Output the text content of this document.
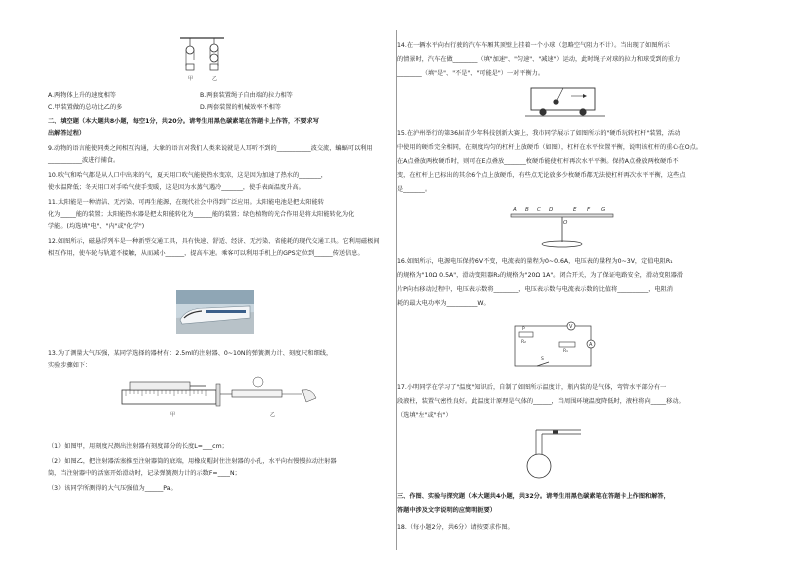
甲	乙
A.两物体上升的速度相等	B.两套装置绳子自由端的拉力相等
C.甲装置做的总功比乙的多	D.两套装置的机械效率不相等
二、填空题（本大题共8小题，每空1分，共20分。请考生用黑色碳素笔在答题卡上作答，不要求写
出解答过程）
9.动物的语言能使同类之间相互沟通，大象的语言对我们人类来说就是人耳听不到的___________波交流，蝙蝠可以利用
___________波进行捕食。
10.吹气和哈气都是从人口中出来的气，夏天用口吹气能使热水变凉，这是因为加速了热水的_______，
使水温降低；冬天用口对手哈气使手变暖，这是因为水蒸气遇冷_______，使手表面温度升高。
11.太阳能是一种清洁、无污染、可再生能源，在现代社会中得到广泛应用。太阳能电池是把太阳能转
化为_____能的装置；太阳能热水器是把太阳能转化为______能的装置；绿色植物的光合作用是将太阳能转化为化
学能。(均选填"电"、"内"或"化学")
12.如图所示，磁悬浮列车是一种新型交通工具，具有快速、舒适、经济、无污染、省能耗的现代交通工具。它利用磁极间
相互作用，使车轮与轨道不接触，从而减小______，提高车速。乘客可以利用手机上的GPS定位到______传送信息。
13.为了测量大气压强，某同学选择的器材有：2.5ml的注射器、0~10N的弹簧测力计、刻度尺和细线，
实验步骤如下：
甲	乙
（1）如图甲，用刻度尺测出注射器有刻度部分的长度L=___cm；
（2）如图乙，把注射器活塞推至注射器筒的底端，用橡皮帽封住注射器的小孔，水平向右慢慢拉动注射器
筒，当注射器中的活塞开始滑动时，记录弹簧测力计的示数F=____N；
（3）该同学所测得的大气压强值为______Pa。
14.在一辆水平向右行驶的汽车车厢其顶壁上挂着一个小球（忽略空气阻力不计）。当出现了如图所示
的情景时，汽车在做________（填"加速"、"匀速"、"减速"）运动，此时绳子对球的拉力和球受到的重力
________（填"是"、"不是"、"可能是"）一对平衡力。
15.在泸州举行的第36届青少年科技创新大赛上，我市同学展示了如图所示的"硬币玩转杠杆"装置，活动
中使用的硬币完全相同，在刻度均匀的杠杆上放硬币（如图），杠杆在水平位置平衡，说明该杠杆的重心在O点。
在A点叠放两枚硬币时，则可在E点叠放_______枚硬币能使杠杆再次水平平衡。保持A点叠放两枚硬币不
变，在杠杆上已标出的其余6个点上放硬币，有些点无论放多少枚硬币都无法使杠杆再次水平平衡，这些点
是_______。
A B C D	E F G
O
16.如图所示，电源电压保持6V不变，电流表的量程为0~0.6A，电压表的量程为0~3V，定值电阻R₁
的规格为"10Ω 0.5A"，滑动变阻器R₂的规格为"20Ω 1A"。闭合开关，为了保证电路安全，滑动变阻器滑
片P向右移动过程中，电压表示数将________，电压表示数与电流表示数的比值将__________，电阻消
耗的最大电功率为__________W。
R₂
P	V
R₁
A
S
17.小明同学在学习了"温度"知识后，自制了如图所示温度计，瓶内装的是气体，弯管水平部分有一
段液柱，装置气密性良好。此温度计原理是气体的______，当周围环境温度降低时，液柱将向_____移动。
（选填"左"或"右"）
三、作图、实验与探究题（本大题共4小题，共32分。请考生用黑色碳素笔在答题卡上作图和解答，
答题中涉及文字说明的应简明扼要）
18.（每小题2分，共6分）请按要求作图。
